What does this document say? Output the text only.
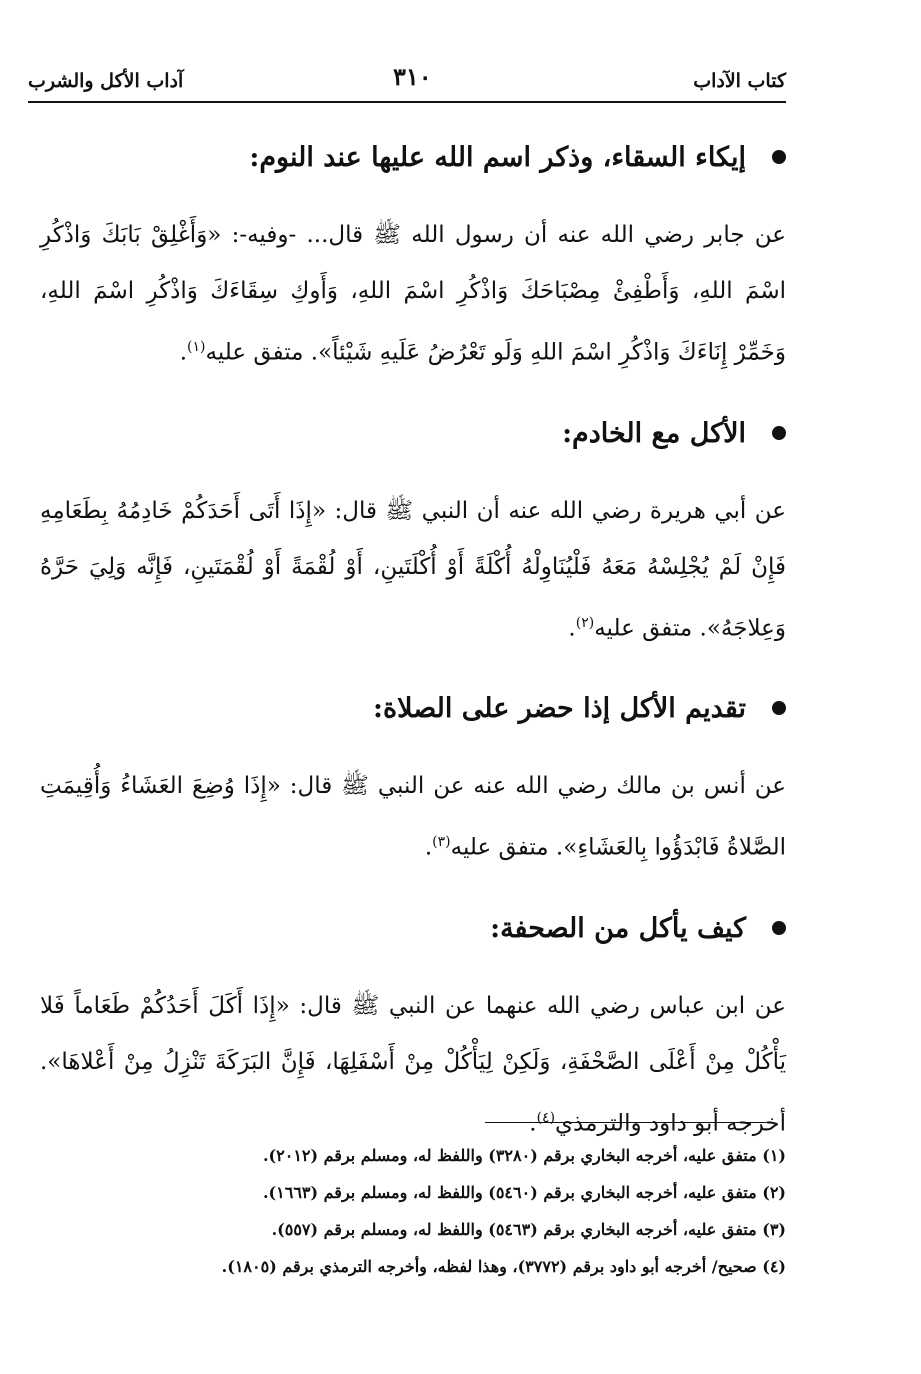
كتاب الآداب
٣١٠
آداب الأكل والشرب
إيكاء السقاء، وذكر اسم الله عليها عند النوم:

عن جابر رضي الله عنه أن رسول الله ﷺ قال... -وفيه-: «وَأَغْلِقْ بَابَكَ وَاذْكُرِ اسْمَ اللهِ، وَأَطْفِئْ مِصْبَاحَكَ وَاذْكُرِ اسْمَ اللهِ، وَأَوكِ سِقَاءَكَ وَاذْكُرِ اسْمَ اللهِ، وَخَمِّرْ إِنَاءَكَ وَاذْكُرِ اسْمَ اللهِ وَلَو تَعْرُضُ عَلَيهِ شَيْئاً». متفق عليه$^{(١)}$.

الأكل مع الخادم:

عن أبي هريرة رضي الله عنه أن النبي ﷺ قال: «إِذَا أَتَى أَحَدَكُمْ خَادِمُهُ بِطَعَامِهِ فَإِنْ لَمْ يُجْلِسْهُ مَعَهُ فَلْيُنَاوِلْهُ أُكْلَةً أَوْ أُكْلَتَينِ، أَوْ لُقْمَةً أَوْ لُقْمَتَينِ، فَإِنَّه وَلِيَ حَرَّهُ وَعِلاجَهُ». متفق عليه$^{(٢)}$.

تقديم الأكل إذا حضر على الصلاة:

عن أنس بن مالك رضي الله عنه عن النبي ﷺ قال: «إِذَا وُضِعَ العَشَاءُ وَأُقِيمَتِ الصَّلاةُ فَابْدَؤُوا بِالعَشَاءِ». متفق عليه$^{(٣)}$.

كيف يأكل من الصحفة:

عن ابن عباس رضي الله عنهما عن النبي ﷺ قال: «إِذَا أَكَلَ أَحَدُكُمْ طَعَاماً فَلا يَأْكُلْ مِنْ أَعْلَى الصَّحْفَةِ، وَلَكِنْ لِيَأْكُلْ مِنْ أَسْفَلِهَا، فَإِنَّ البَرَكَةَ تَنْزِلُ مِنْ أَعْلاهَا». أخرجه أبو داود والترمذي$^{(٤)}$.

(١) متفق عليه، أخرجه البخاري برقم (٣٢٨٠) واللفظ له، ومسلم برقم (٢٠١٢).
(٢) متفق عليه، أخرجه البخاري برقم (٥٤٦٠) واللفظ له، ومسلم برقم (١٦٦٣).
(٣) متفق عليه، أخرجه البخاري برقم (٥٤٦٣) واللفظ له، ومسلم برقم (٥٥٧).
(٤) صحيح/ أخرجه أبو داود برقم (٣٧٧٢)، وهذا لفظه، وأخرجه الترمذي برقم (١٨٠٥).
